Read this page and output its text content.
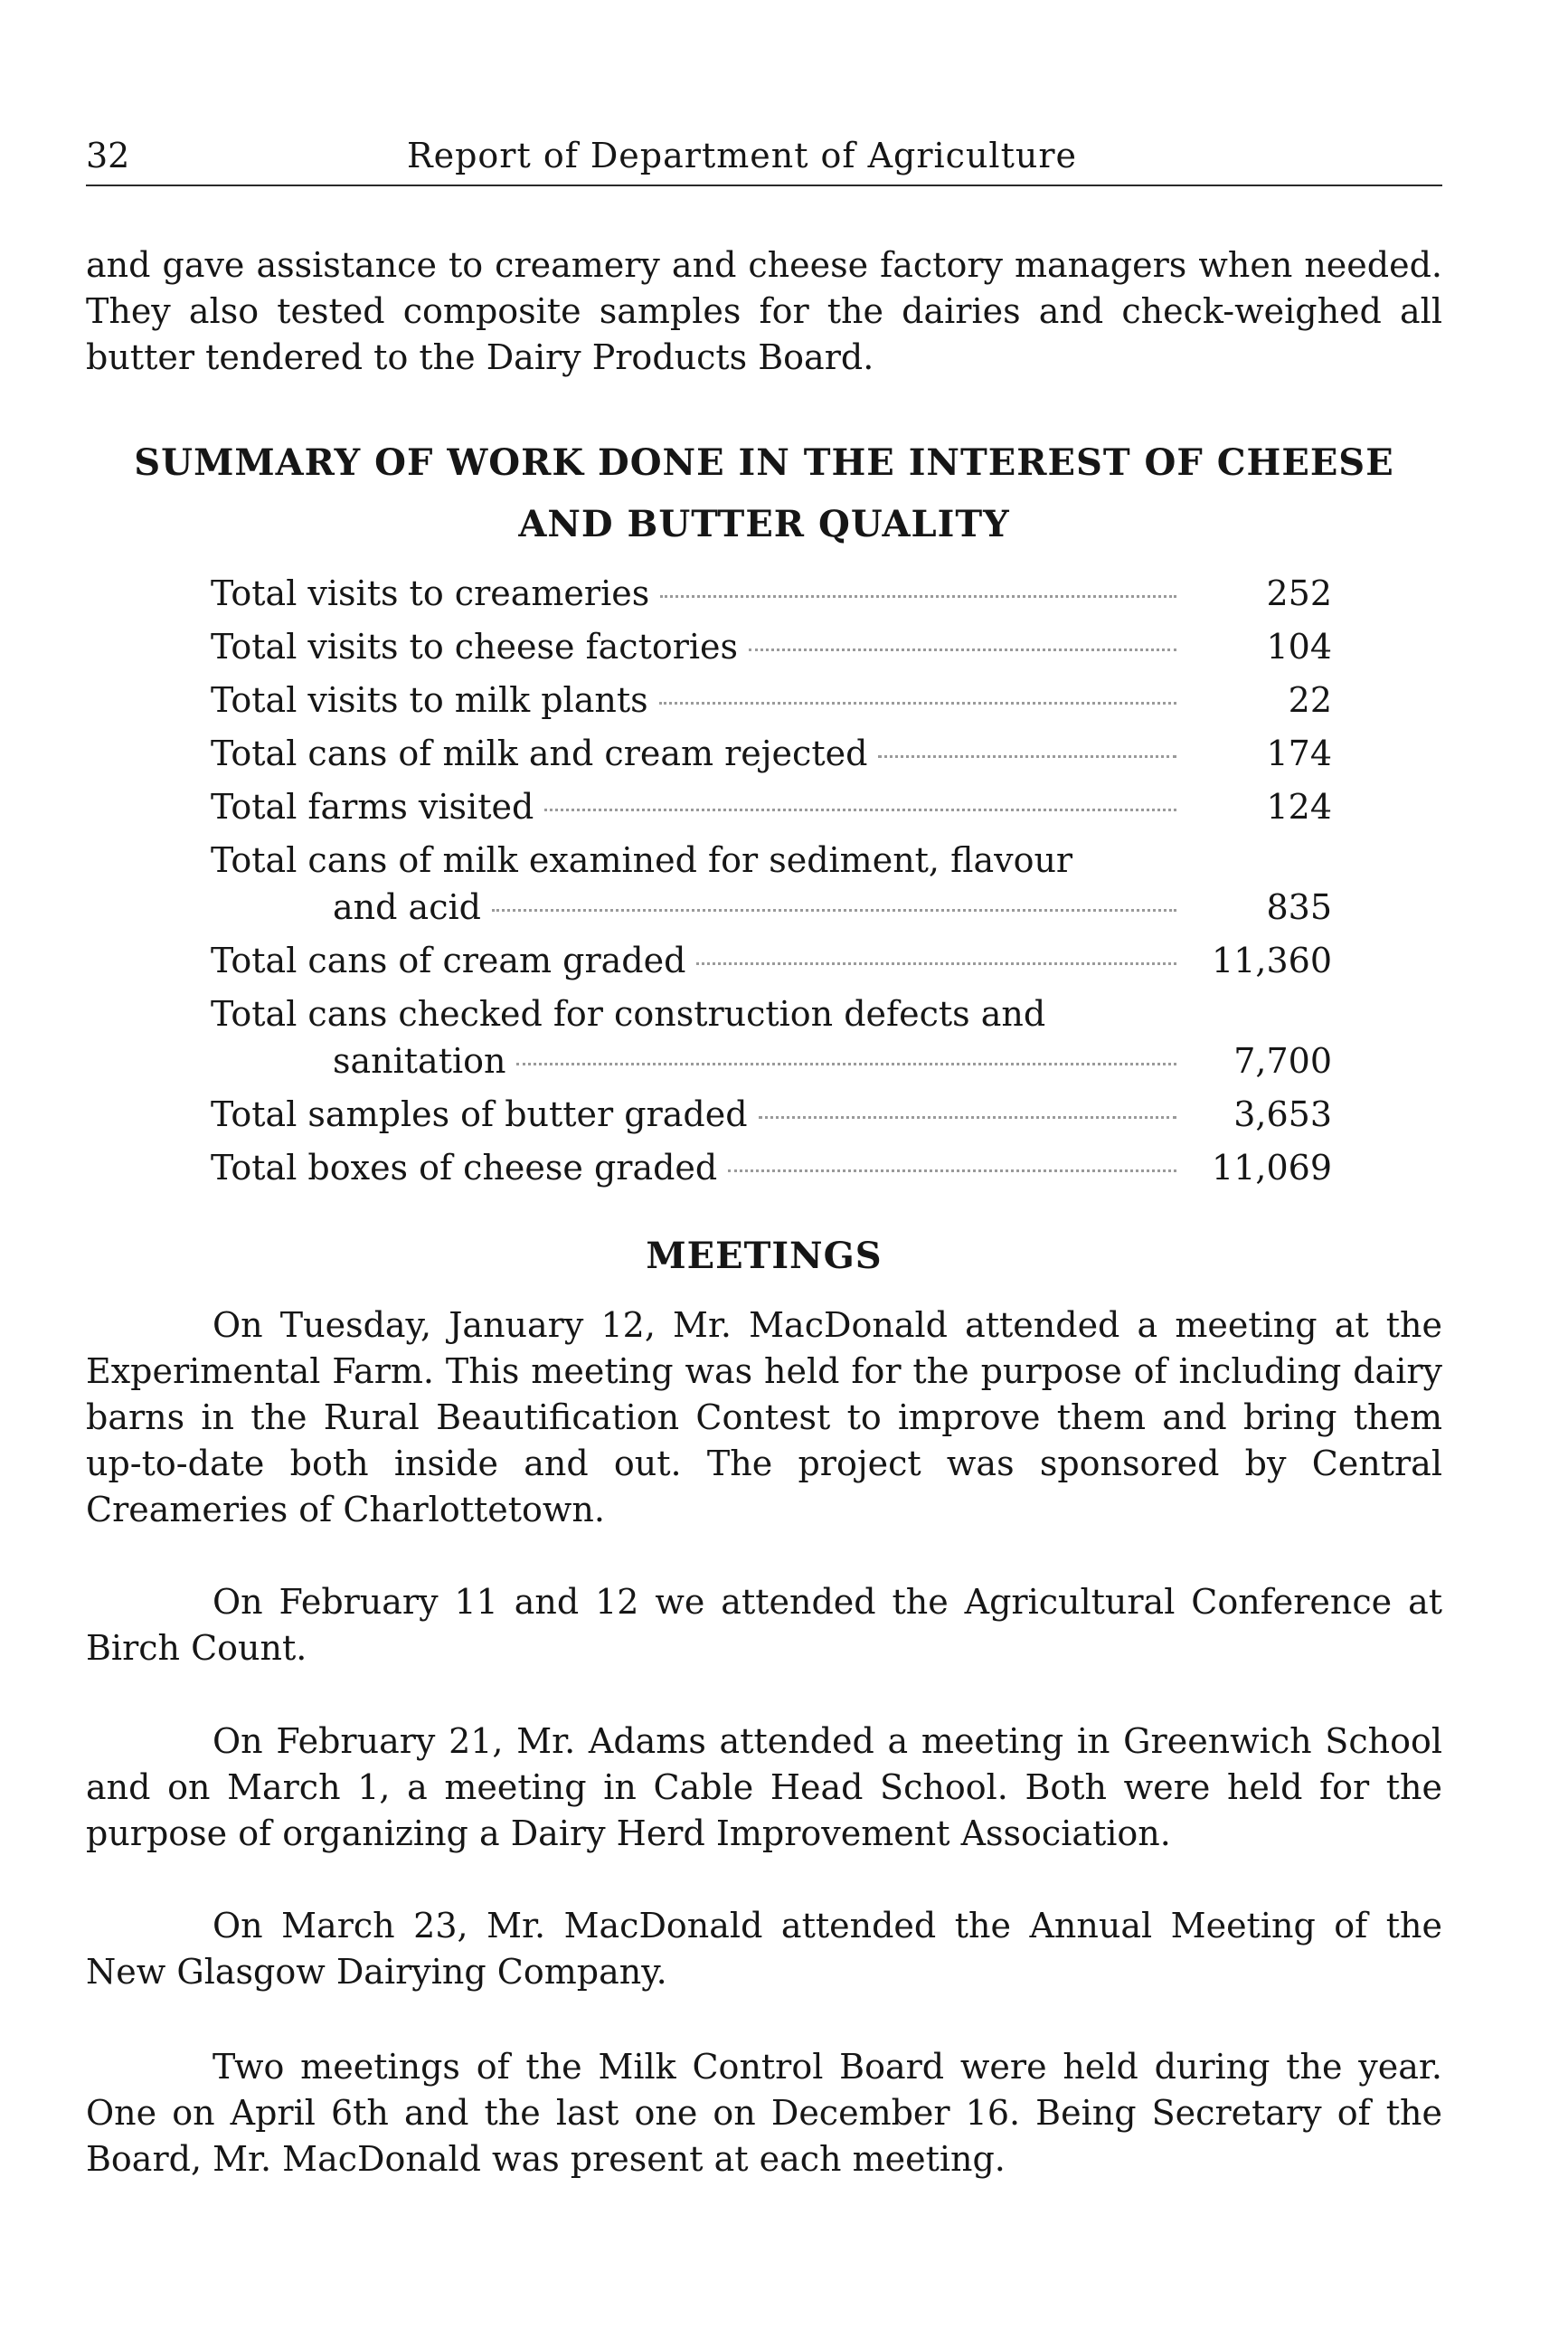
32	Report of Department of Agriculture

and gave assistance to creamery and cheese factory managers when needed. They also tested composite samples for the dairies and check-weighed all butter tendered to the Dairy Products Board.

SUMMARY OF WORK DONE IN THE INTEREST OF CHEESE
AND BUTTER QUALITY
Total visits to creameries	252
Total visits to cheese factories	104
Total visits to milk plants	22
Total cans of milk and cream rejected	174
Total farms visited	124
Total cans of milk examined for sediment, flavour
and acid	835
Total cans of cream graded	11,360
Total cans checked for construction defects and
sanitation	7,700
Total samples of butter graded	3,653
Total boxes of cheese graded	11,069
MEETINGS

On Tuesday, January 12, Mr. MacDonald attended a meeting at the Experimental Farm. This meeting was held for the purpose of including dairy barns in the Rural Beautification Contest to improve them and bring them up-to-date both inside and out. The project was sponsored by Central Creameries of Charlottetown.

On February 11 and 12 we attended the Agricultural Conference at Birch Count.

On February 21, Mr. Adams attended a meeting in Greenwich School and on March 1, a meeting in Cable Head School. Both were held for the purpose of organizing a Dairy Herd Improvement Association.

On March 23, Mr. MacDonald attended the Annual Meeting of the New Glasgow Dairying Company.

Two meetings of the Milk Control Board were held during the year. One on April 6th and the last one on December 16. Being Secretary of the Board, Mr. MacDonald was present at each meeting.
